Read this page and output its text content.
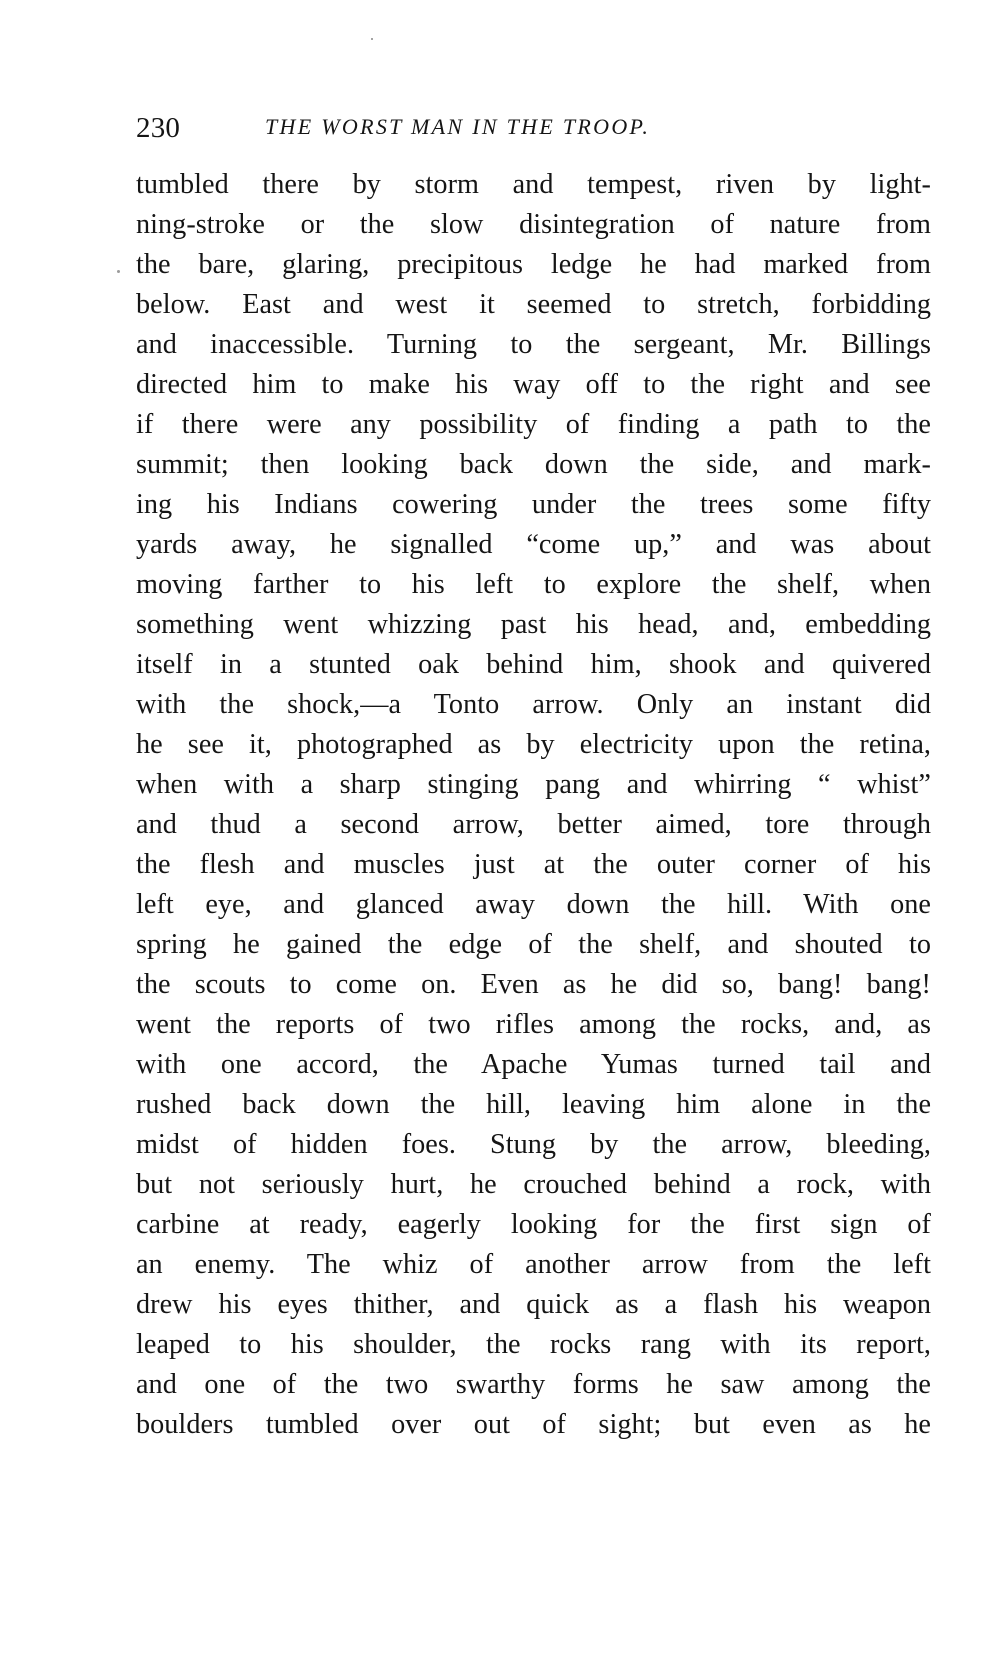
230	THE WORST MAN IN THE TROOP.
tumbled there by storm and tempest, riven by light-
ning-stroke or the slow disintegration of nature from
the bare, glaring, precipitous ledge he had marked from
below. East and west it seemed to stretch, forbidding
and inaccessible. Turning to the sergeant, Mr. Billings
directed him to make his way off to the right and see
if there were any possibility of finding a path to the
summit; then looking back down the side, and mark-
ing his Indians cowering under the trees some fifty
yards away, he signalled “come up,” and was about
moving farther to his left to explore the shelf, when
something went whizzing past his head, and, embedding
itself in a stunted oak behind him, shook and quivered
with the shock,—a Tonto arrow. Only an instant did
he see it, photographed as by electricity upon the retina,
when with a sharp stinging pang and whirring “ whist”
and thud a second arrow, better aimed, tore through
the flesh and muscles just at the outer corner of his
left eye, and glanced away down the hill. With one
spring he gained the edge of the shelf, and shouted to
the scouts to come on. Even as he did so, bang! bang!
went the reports of two rifles among the rocks, and, as
with one accord, the Apache Yumas turned tail and
rushed back down the hill, leaving him alone in the
midst of hidden foes. Stung by the arrow, bleeding,
but not seriously hurt, he crouched behind a rock, with
carbine at ready, eagerly looking for the first sign of
an enemy. The whiz of another arrow from the left
drew his eyes thither, and quick as a flash his weapon
leaped to his shoulder, the rocks rang with its report,
and one of the two swarthy forms he saw among the
boulders tumbled over out of sight; but even as he
